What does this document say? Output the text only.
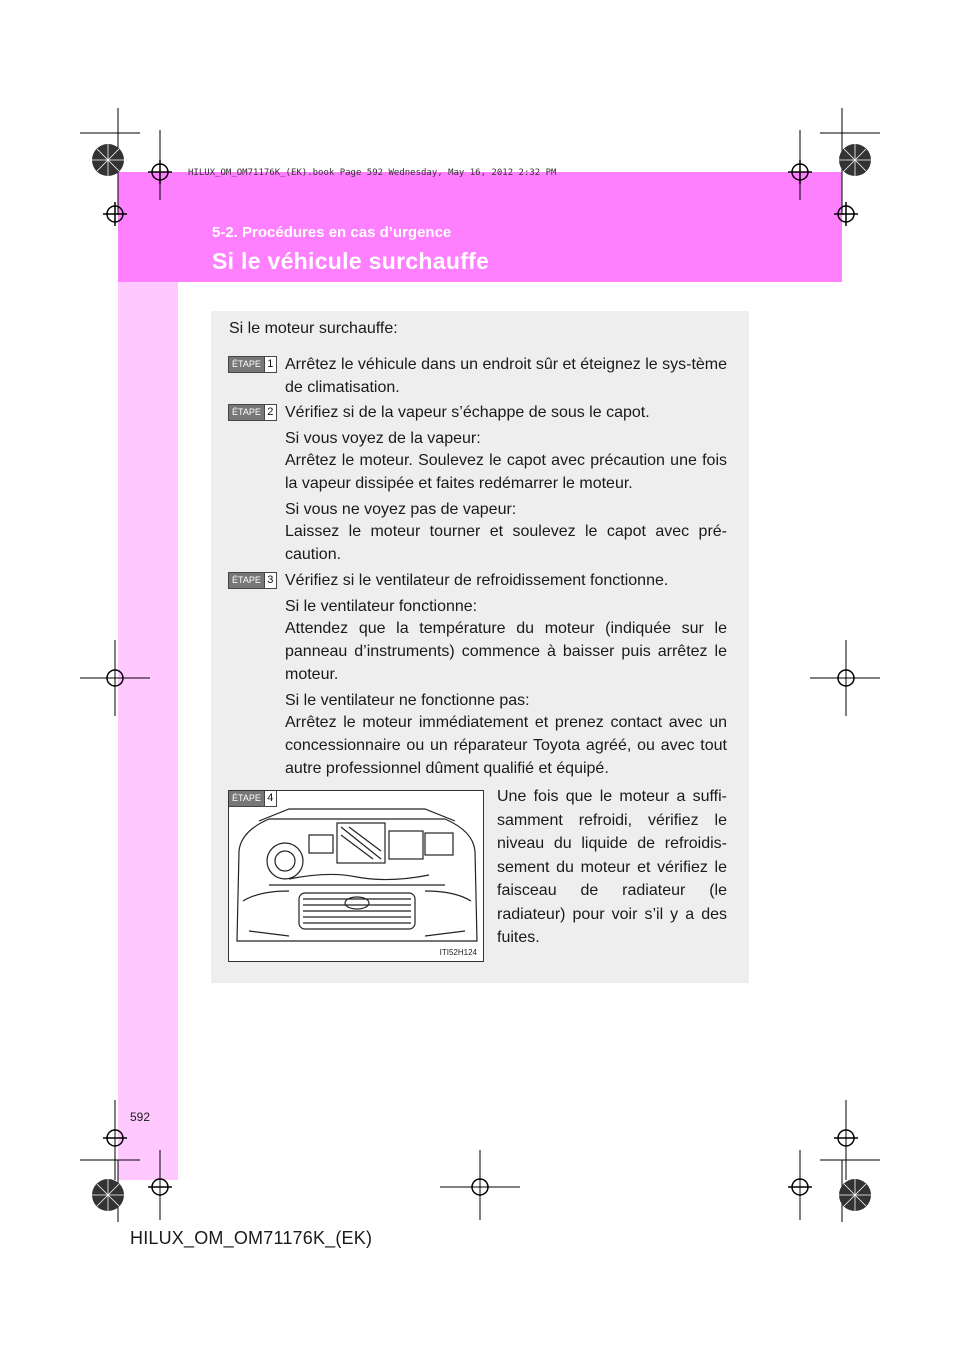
HILUX_OM_OM71176K_(EK).book Page 592 Wednesday, May 16, 2012 2:32 PM
5-2. Procédures en cas d’urgence
Si le véhicule surchauffe
Si le moteur surchauffe:
ÉTAPE 1 Arrêtez le véhicule dans un endroit sûr et éteignez le sys-tème de climatisation.

ÉTAPE 2 Vérifiez si de la vapeur s’échappe de sous le capot.

Si vous voyez de la vapeur:

Arrêtez le moteur. Soulevez le capot avec précaution une fois la vapeur dissipée et faites redémarrer le moteur.

Si vous ne voyez pas de vapeur:

Laissez le moteur tourner et soulevez le capot avec pré-caution.

ÉTAPE 3 Vérifiez si le ventilateur de refroidissement fonctionne.

Si le ventilateur fonctionne:

Attendez que la température du moteur (indiquée sur le panneau d’instruments) commence à baisser puis arrêtez le moteur.

Si le ventilateur ne fonctionne pas:

Arrêtez le moteur immédiatement et prenez contact avec un concessionnaire ou un réparateur Toyota agréé, ou avec tout autre professionnel dûment qualifié et équipé.

ÉTAPE 4
ITI52H124

Une fois que le moteur a suffi-samment refroidi, vérifiez le niveau du liquide de refroidis-sement du moteur et vérifiez le faisceau de radiateur (le radiateur) pour voir s’il y a des fuites.

592
HILUX_OM_OM71176K_(EK)
